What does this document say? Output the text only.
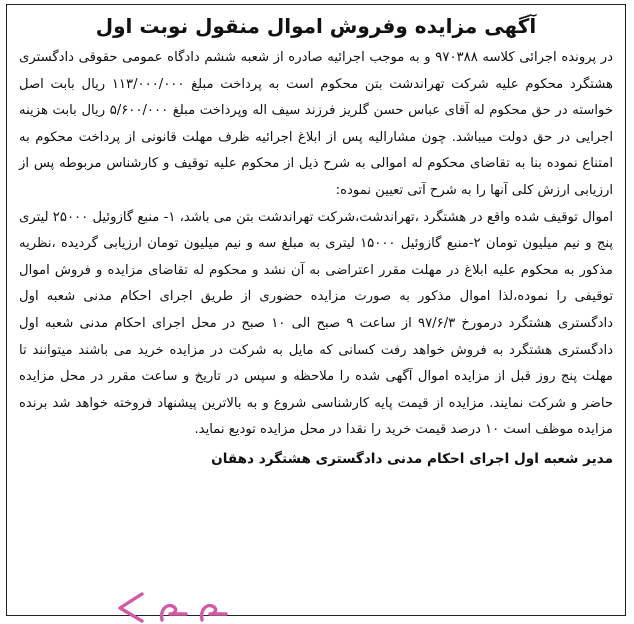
آگهی مزایده وفروش اموال منقول نوبت اول

در پرونده اجرائی کلاسه ۹۷۰۳۸۸ و به موجب اجرائیه صادره از شعبه ششم دادگاه عمومی حقوقی دادگستری هشتگرد محکوم علیه شرکت تهراندشت بتن محکوم است به پرداخت مبلغ ۱۱۳/۰۰۰/۰۰۰ ریال بابت اصل خواسته در حق محکوم له آقای عباس حسن گلریز فرزند سیف اله وپرداخت مبلغ ۵/۶۰۰/۰۰۰ ریال بابت هزینه اجرایی در حق دولت میباشد. چون مشارالیه پس از ابلاغ اجرائیه ظرف مهلت قانونی از پرداخت محکوم به امتناع نموده بنا به تقاضای محکوم له اموالی به شرح ذیل از محکوم علیه توقیف و کارشناس مربوطه پس از ارزیابی ارزش کلی آنها را به شرح آتی تعیین نموده:

اموال توقیف شده واقع در هشتگرد ،تهراندشت،شرکت تهراندشت بتن می باشد، ۱- منبع گازوئیل ۲۵۰۰۰ لیتری پنج و نیم میلیون تومان ۲-منبع گازوئیل ۱۵۰۰۰ لیتری به مبلغ سه و نیم میلیون تومان ارزیابی گردیده ،نظریه مذکور به محکوم علیه ابلاغ در مهلت مقرر اعتراضی به آن نشد و محکوم له تقاضای مزایده و فروش اموال توقیفی را نموده،لذا اموال مذکور به صورت مزایده حضوری از طریق اجرای احکام مدنی شعبه اول دادگستری هشتگرد درمورخ ۹۷/۶/۳ از ساعت ۹ صبح الی ۱۰ صبح در محل اجرای احکام مدنی شعبه اول دادگستری هشتگرد به فروش خواهد رفت کسانی که مایل به شرکت در مزایده خرید می باشند میتوانند تا مهلت پنج روز قبل از مزایده اموال آگهی شده را ملاحظه و سپس در تاریخ و ساعت مقرر در محل مزایده حاضر و شرکت نمایند. مزایده از قیمت پایه کارشناسی شروع و به بالاترین پیشنهاد فروخته خواهد شد برنده مزایده موظف است ۱۰ درصد قیمت خرید را نقدا در محل مزایده تودیع نماید.

مدیر شعبه اول اجرای احکام مدنی دادگستری هشتگرد دهقان
